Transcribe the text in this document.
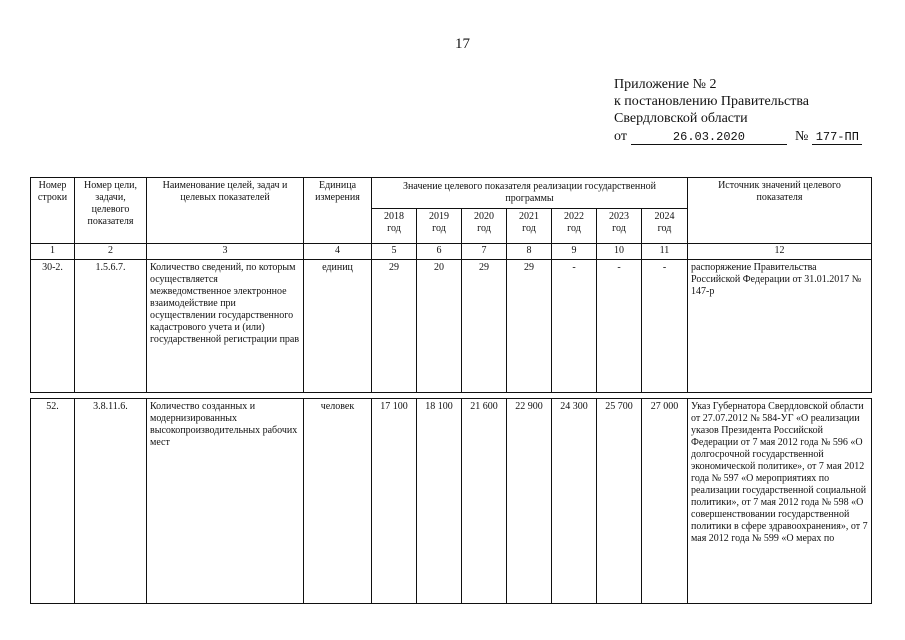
17
Приложение № 2
к постановлению Правительства
Свердловской области
от	26.03.2020	№ 177-ПП
Номер строки	Номер цели, задачи, целевого показателя	Наименование целей, задач и целевых показателей	Единица измерения	Значение целевого показателя реализации государственной программы							Источник значений целевого показателя
				2018 год	2019 год	2020 год	2021 год	2022 год	2023 год	2024 год	
1	2	3	4	5	6	7	8	9	10	11	12
30-2.	1.5.6.7.	Количество сведений, по которым осуществляется межведомственное электронное взаимодействие при осуществлении государственного кадастрового учета и (или) государственной регистрации прав	единиц	29	20	29	29	-	-	-	распоряжение Правительства Российской Федерации от 31.01.2017 № 147-р

52.	3.8.11.6.	Количество созданных и модернизированных высокопроизводительных рабочих мест	человек	17 100	18 100	21 600	22 900	24 300	25 700	27 000	Указ Губернатора Свердловской области от 27.07.2012 № 584-УГ «О реализации указов Президента Российской Федерации от 7 мая 2012 года № 596 «О долгосрочной государственной экономической политике», от 7 мая 2012 года № 597 «О мероприятиях по реализации государственной социальной политики», от 7 мая 2012 года № 598 «О совершенствовании государственной политики в сфере здравоохранения», от 7 мая 2012 года № 599 «О мерах по
